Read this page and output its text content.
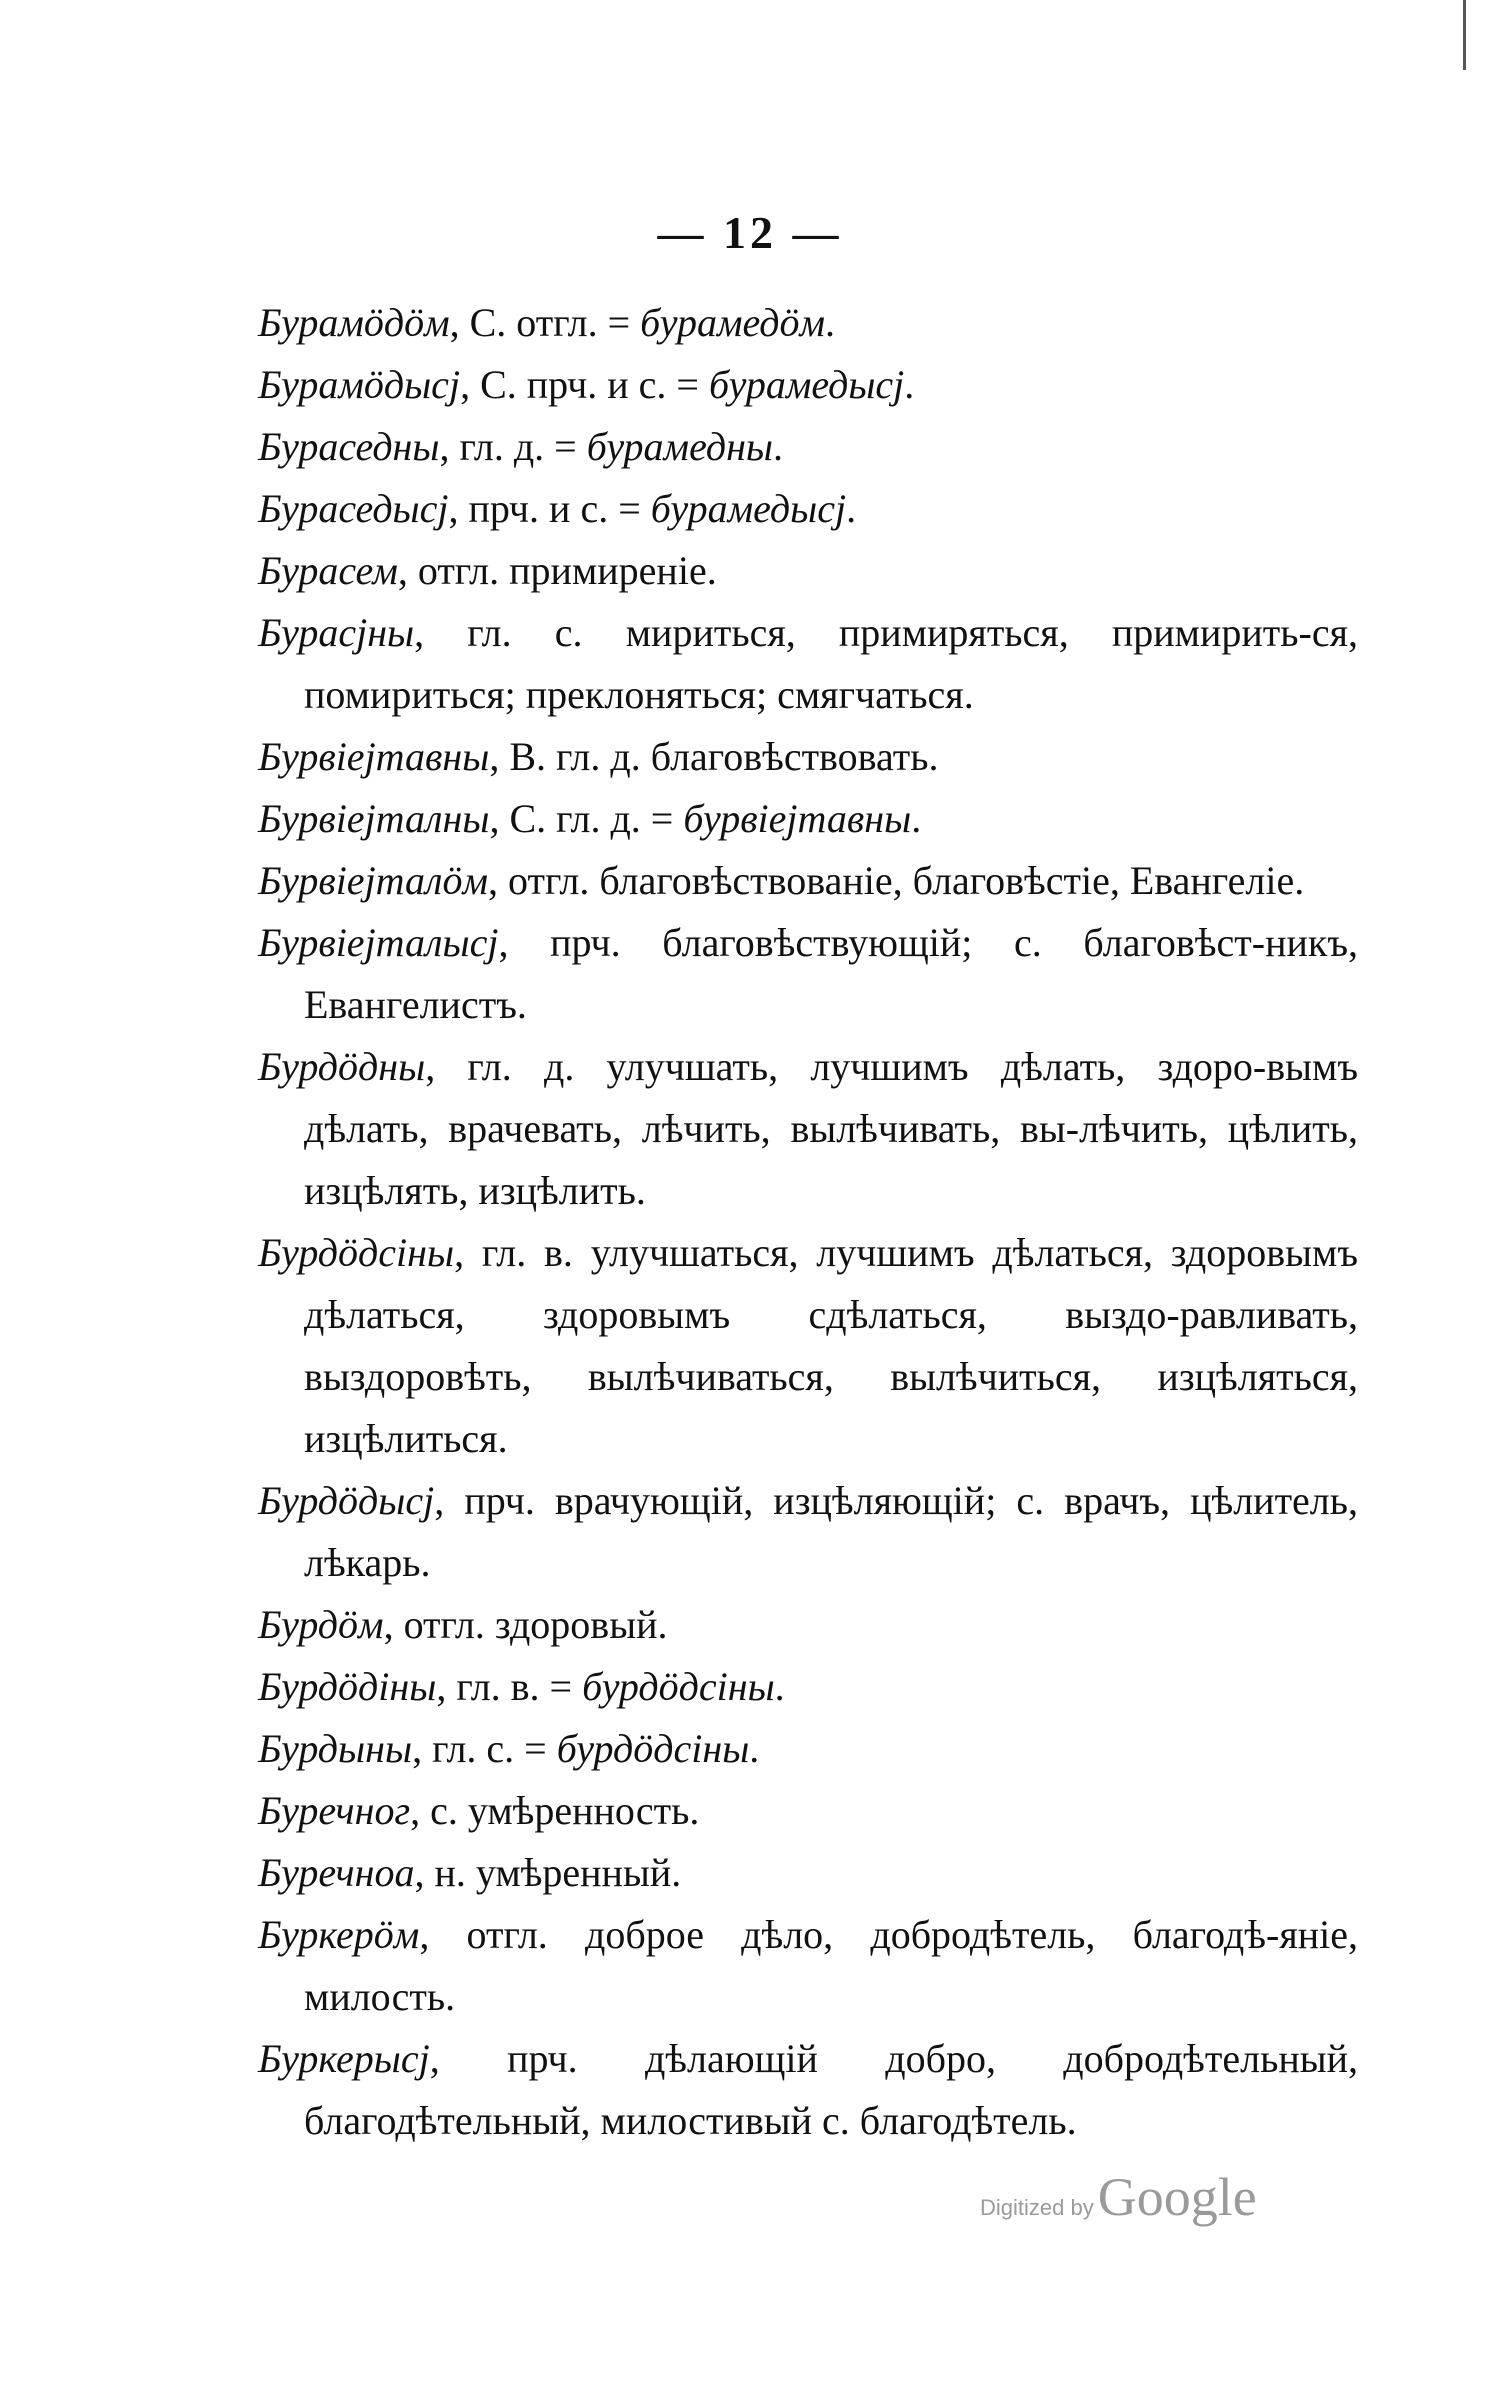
— 12 —

Бурамöдöм, С. отгл. = бурамедöм.

Бурамöдысj, С. прч. и с. = бурамедысj.

Бураседны, гл. д. = бурамедны.

Бураседысj, прч. и с. = бурамедысj.

Бурасем, отгл. примиренiе.

Бурасjны, гл. с. мириться, примиряться, примирить-ся, помириться; преклоняться; смягчаться.

Бурвiеjтавны, В. гл. д. благовѣствовать.

Бурвiеjталны, С. гл. д. = бурвiеjтавны.

Бурвiеjталöм, отгл. благовѣствованiе, благовѣстiе, Евангелiе.

Бурвiеjталысj, прч. благовѣствующiй; с. благовѣст-никъ, Евангелистъ.

Бурдöдны, гл. д. улучшать, лучшимъ дѣлать, здоро-вымъ дѣлать, врачевать, лѣчить, вылѣчивать, вы-лѣчить, цѣлить, изцѣлять, изцѣлить.

Бурдöдсiны, гл. в. улучшаться, лучшимъ дѣлаться, здоровымъ дѣлаться, здоровымъ сдѣлаться, выздо-равливать, выздоровѣть, вылѣчиваться, вылѣчиться, изцѣляться, изцѣлиться.

Бурдöдысj, прч. врачующiй, изцѣляющiй; с. врачъ, цѣлитель, лѣкарь.

Бурдöм, отгл. здоровый.

Бурдöдiны, гл. в. = бурдöдсiны.

Бурдыны, гл. с. = бурдöдсiны.

Буречног, с. умѣренность.

Буречноа, н. умѣренный.

Буркерöм, отгл. доброе дѣло, добродѣтель, благодѣ-янiе, милость.

Буркерысj, прч. дѣлающiй добро, добродѣтельный, благодѣтельный, милостивый с. благодѣтель.

Digitized by Google
